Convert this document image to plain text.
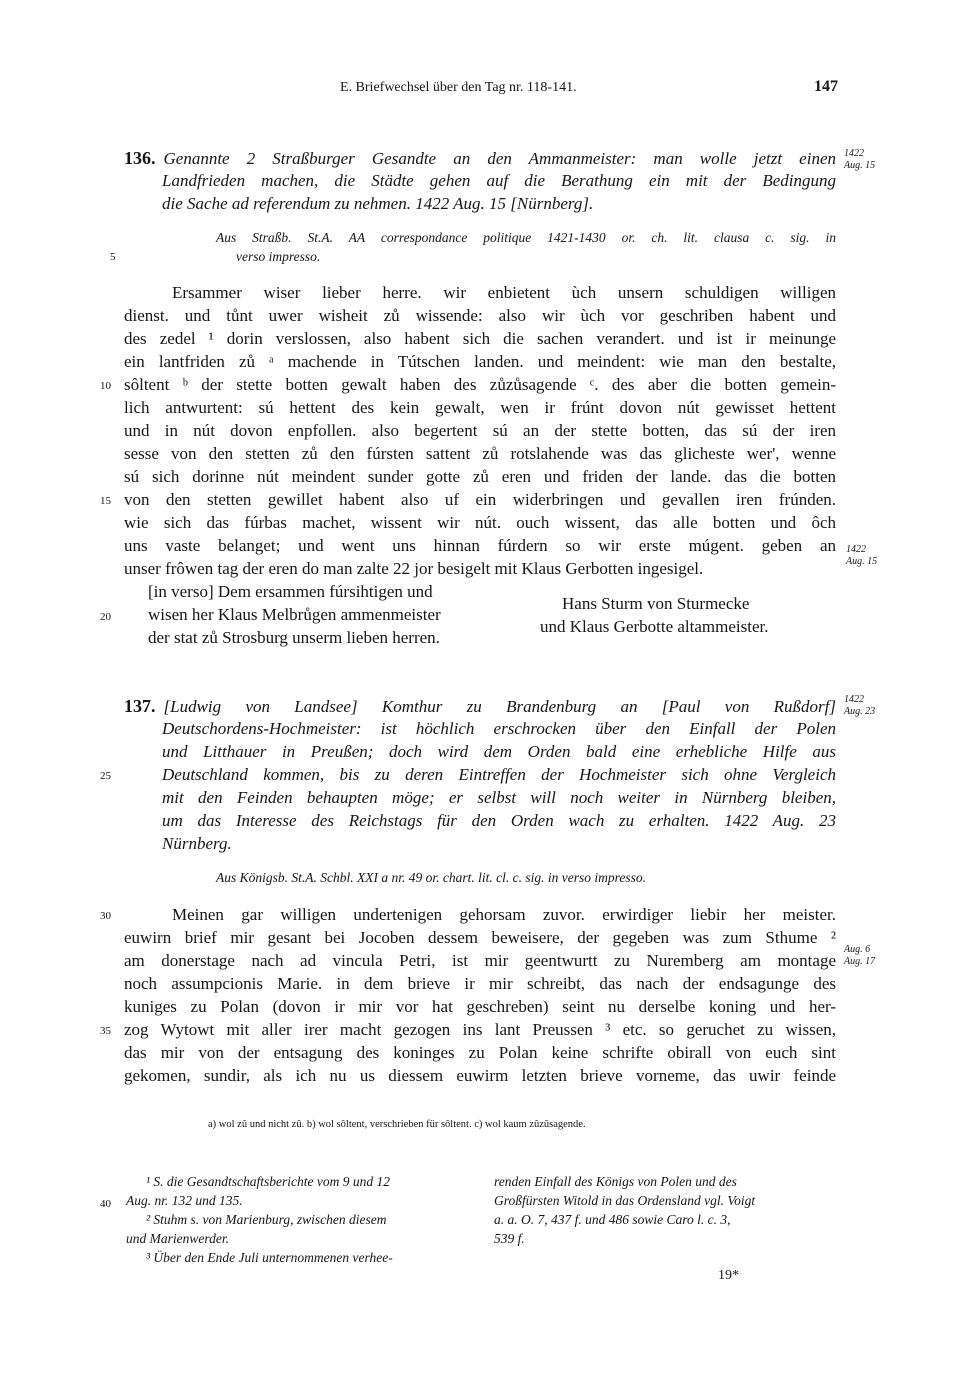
E. Briefwechsel über den Tag nr. 118-141.	147
136. Genannte 2 Straßburger Gesandte an den Ammanmeister: man wolle jetzt einen
Landfrieden machen, die Städte gehen auf die Berathung ein mit der Bedingung
die Sache ad referendum zu nehmen. 1422 Aug. 15 [Nürnberg].
1422
Aug. 15
Aus Straßb. St.A. AA correspondance politique 1421-1430 or. ch. lit. clausa c. sig. in
verso impresso.
Ersammer wiser lieber herre. wir enbietent ùch unsern schuldigen willigen
dienst. und tůnt uwer wisheit zů wissende: also wir ùch vor geschriben habent und
des zedel ¹ dorin verslossen, also habent sich die sachen verandert. und ist ir meinunge
ein lantfriden zů ᵃ machende in Tútschen landen. und meindent: wie man den bestalte,
sôltent ᵇ der stette botten gewalt haben des zůzůsagende ᶜ. des aber die botten gemein-
lich antwurtent: sú hettent des kein gewalt, wen ir frúnt dovon nút gewisset hettent
und in nút dovon enpfollen. also begertent sú an der stette botten, das sú der iren
sesse von den stetten zů den fúrsten sattent zů rotslahende was das glicheste wer', wenne
sú sich dorinne nút meindent sunder gotte zů eren und friden der lande. das die botten
von den stetten gewillet habent also uf ein widerbringen und gevallen iren frúnden.
wie sich das fúrbas machet, wissent wir nút. ouch wissent, das alle botten und ôch
uns vaste belanget; und went uns hinnan fúrdern so wir erste múgent. geben an
unser frôwen tag der eren do man zalte 22 jor besigelt mit Klaus Gerbotten ingesigel.
1422
Aug. 15
[in verso] Dem ersammen fúrsihtigen und
wisen her Klaus Melbrůgen ammenmeister
der stat zů Strosburg unserm lieben herren.
Hans Sturm von Sturmecke
und Klaus Gerbotte altammeister.
137. [Ludwig von Landsee] Komthur zu Brandenburg an [Paul von Rußdorf]
Deutschordens-Hochmeister: ist höchlich erschrocken über den Einfall der Polen
und Litthauer in Preußen; doch wird dem Orden bald eine erhebliche Hilfe aus
Deutschland kommen, bis zu deren Eintreffen der Hochmeister sich ohne Vergleich
mit den Feinden behaupten möge; er selbst will noch weiter in Nürnberg bleiben,
um das Interesse des Reichstags für den Orden wach zu erhalten. 1422 Aug. 23
Nürnberg.
1422
Aug. 23
Aus Königsb. St.A. Schbl. XXI a nr. 49 or. chart. lit. cl. c. sig. in verso impresso.
Meinen gar willigen undertenigen gehorsam zuvor. erwirdiger liebir her meister.
euwirn brief mir gesant bei Jocoben dessem beweisere, der gegeben was zum Sthume ²
am donerstage nach ad vincula Petri, ist mir geentwurtt zu Nuremberg am montage
noch assumpcionis Marie. in dem brieve ir mir schreibt, das nach der endsagunge des
kuniges zu Polan (dovon ir mir vor hat geschreben) seint nu derselbe koning und her-
zog Wytowt mit aller irer macht gezogen ins lant Preussen ³ etc. so geruchet zu wissen,
das mir von der entsagung des koninges zu Polan keine schrifte obirall von euch sint
gekomen, sundir, als ich nu us diessem euwirm letzten brieve vorneme, das uwir feinde
Aug. 6
Aug. 17
a) wol zû und nicht zû. b) wol sôltent, verschrieben für sôltent. c) wol kaum zûzûsagende.
¹ S. die Gesandtschaftsberichte vom 9 und 12
Aug. nr. 132 und 135.
² Stuhm s. von Marienburg, zwischen diesem
und Marienwerder.
³ Über den Ende Juli unternommenen verhee-
renden Einfall des Königs von Polen und des
Großfürsten Witold in das Ordensland vgl. Voigt
a. a. O. 7, 437 f. und 486 sowie Caro l. c. 3,
539 f.
19*
5
10
15
20
25
30
35
40
